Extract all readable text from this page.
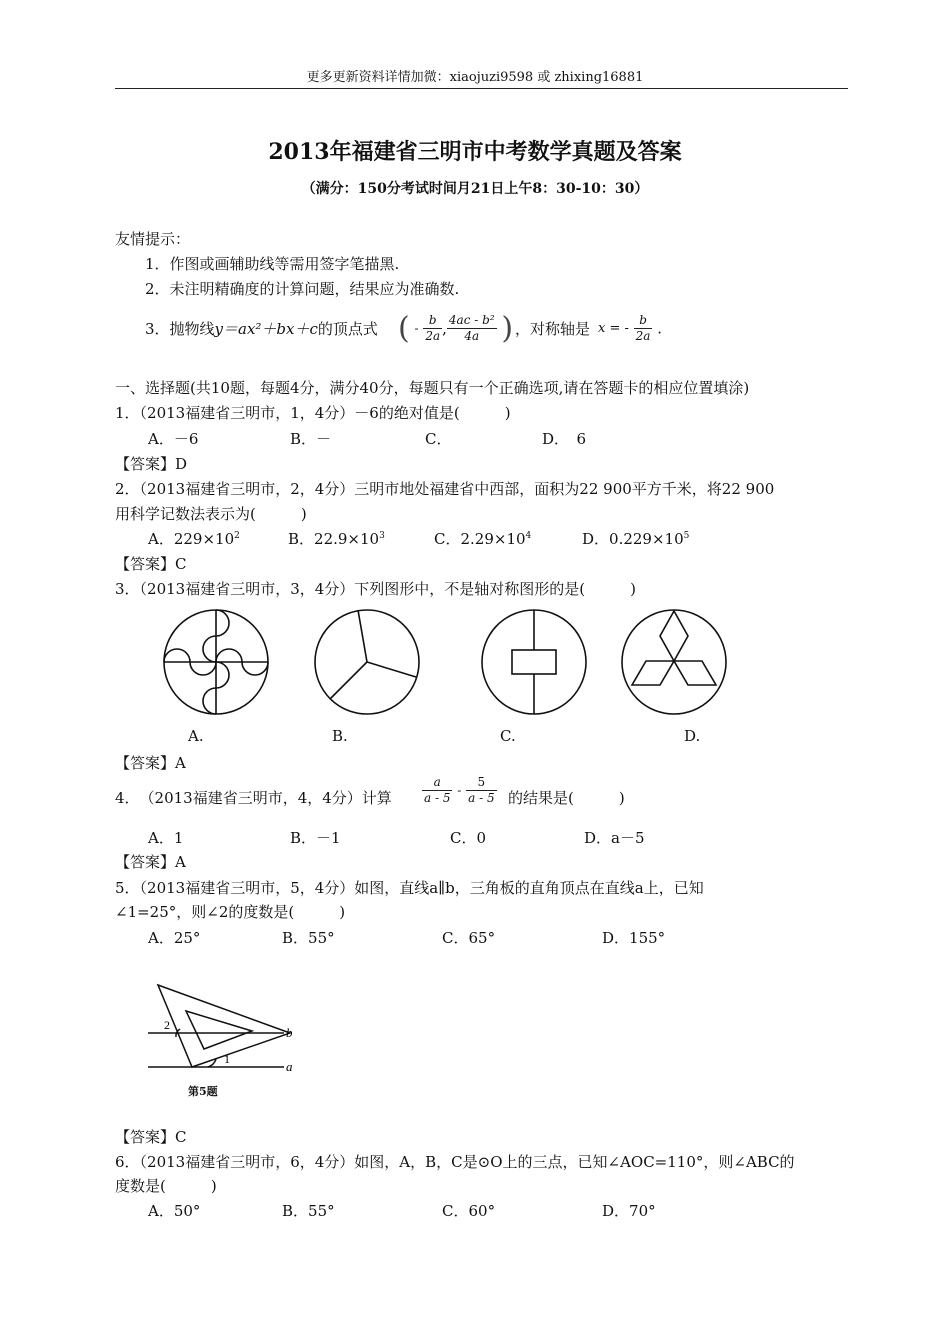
更多更新资料详情加微：xiaojuzi9598 或 zhixing16881
2013年福建省三明市中考数学真题及答案
（满分：150分考试时间月21日上午8：30-10：30）
友情提示：
1．作图或画辅助线等需用签字笔描黑.
2．未注明精确度的计算问题，结果应为准确数.
3．抛物线y＝ax²＋bx＋c的顶点式 ( - $\frac{b}{2a}$ , $\frac{\text{4ac - b²}}{4a}$ ) ，对称轴是 x = - $\frac{b}{2a}$ .
一、选择题(共10题，每题4分，满分40分，每题只有一个正确选项,请在答题卡的相应位置填涂)
1．（2013福建省三明市，1，4分）－6的绝对值是(　　　)
A．－6	B．－	C．	D．　6
【答案】D
2．（2013福建省三明市，2，4分）三明市地处福建省中西部，面积为22 900平方千米，将22 900
用科学记数法表示为(　　　)
A．$229\times 10^2$	B．$22.9\times 10^3$	C．$2.29\times 10^4$	D．$0.229\times 10^5$
【答案】C
3．（2013福建省三明市，3，4分）下列图形中，不是轴对称图形的是(　　　)
A.	B.	C.	D.
【答案】A
4．　（2013福建省三明市，4，4分）计算	$\frac{a}{a - 5} - \frac{5}{a - 5}$ 的结果是(　　　)
A．1	B．－1	C．0	D．a－5
【答案】A
5．（2013福建省三明市，5，4分）如图，直线a∥b，三角板的直角顶点在直线a上，已知
∠1=25°，则∠2的度数是(　　　)
A．25°	B．55°	C．65°	D．155°
2
1
b
a
第5题
【答案】C
6．（2013福建省三明市，6，4分）如图，A，B，C是⊙O上的三点，已知∠AOC=110°，则∠ABC的
度数是(　　　)
A．50°	B．55°	C．60°	D．70°
